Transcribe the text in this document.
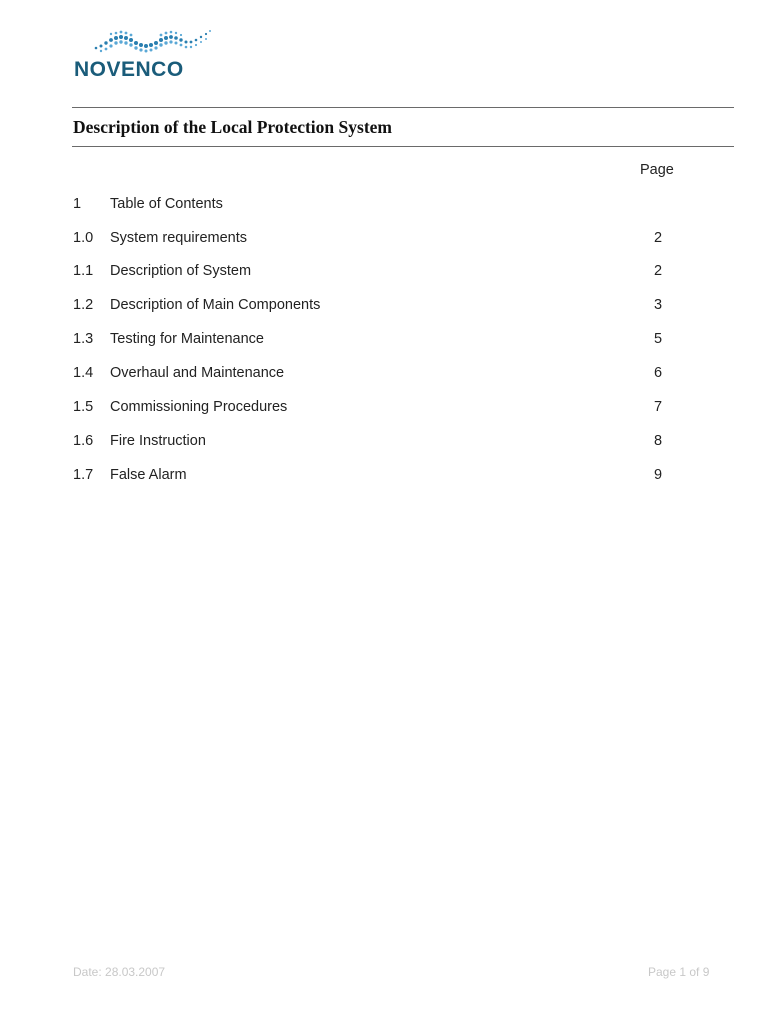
NOVENCO
Description of the Local Protection System
Page
1 Table of Contents
1.0 System requirements	2
1.1 Description of System	2
1.2 Description of Main Components	3
1.3 Testing for Maintenance	5
1.4 Overhaul and Maintenance	6
1.5 Commissioning Procedures	7
1.6 Fire Instruction	8
1.7 False Alarm	9
Date: 28.03.2007	Page 1 of 9
